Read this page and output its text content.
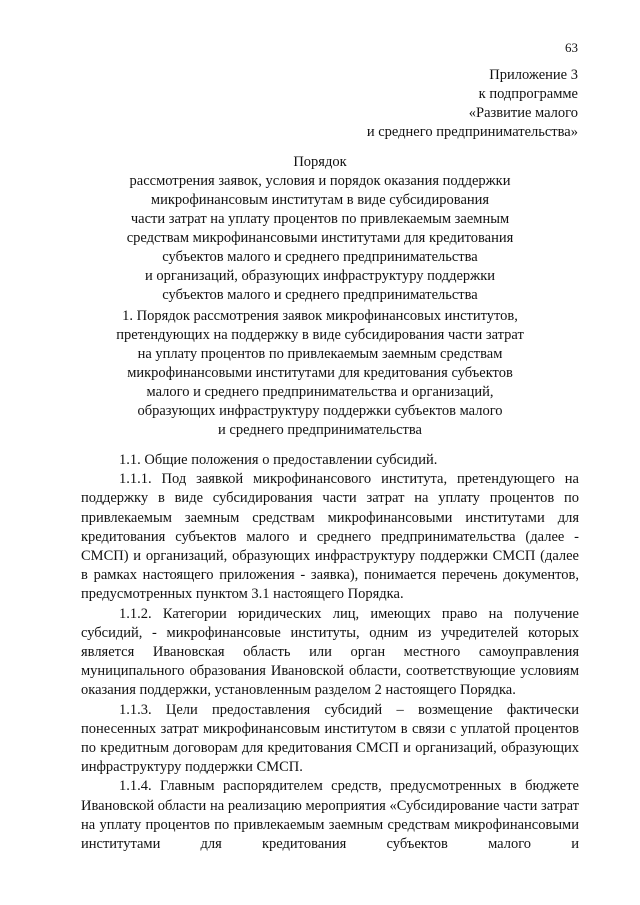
63
Приложение 3
к подпрограмме
«Развитие малого
и среднего предпринимательства»
Порядок
рассмотрения заявок, условия и порядок оказания поддержки
микрофинансовым институтам в виде субсидирования
части затрат на уплату процентов по привлекаемым заемным
средствам микрофинансовыми институтами для кредитования
субъектов малого и среднего предпринимательства
и организаций, образующих инфраструктуру поддержки
субъектов малого и среднего предпринимательства
1. Порядок рассмотрения заявок микрофинансовых институтов,
претендующих на поддержку в виде субсидирования части затрат
на уплату процентов по привлекаемым заемным средствам
микрофинансовыми институтами для кредитования субъектов
малого и среднего предпринимательства и организаций,
образующих инфраструктуру поддержки субъектов малого
и среднего предпринимательства

1.1. Общие положения о предоставлении субсидий.

1.1.1. Под заявкой микрофинансового института, претендующего на поддержку в виде субсидирования части затрат на уплату процентов по привлекаемым заемным средствам микрофинансовыми институтами для кредитования субъектов малого и среднего предпринимательства (далее - СМСП) и организаций, образующих инфраструктуру поддержки СМСП (далее в рамках настоящего приложения - заявка), понимается перечень документов, предусмотренных пунктом 3.1 настоящего Порядка.

1.1.2. Категории юридических лиц, имеющих право на получение субсидий, - микрофинансовые институты, одним из учредителей которых является Ивановская область или орган местного самоуправления муниципального образования Ивановской области, соответствующие условиям оказания поддержки, установленным разделом 2 настоящего Порядка.

1.1.3. Цели предоставления субсидий – возмещение фактически понесенных затрат микрофинансовым институтом в связи с уплатой процентов по кредитным договорам для кредитования СМСП и организаций, образующих инфраструктуру поддержки СМСП.

1.1.4. Главным распорядителем средств, предусмотренных в бюджете Ивановской области на реализацию мероприятия «Субсидирование части затрат на уплату процентов по привлекаемым заемным средствам микрофинансовыми институтами для кредитования субъектов малого и
